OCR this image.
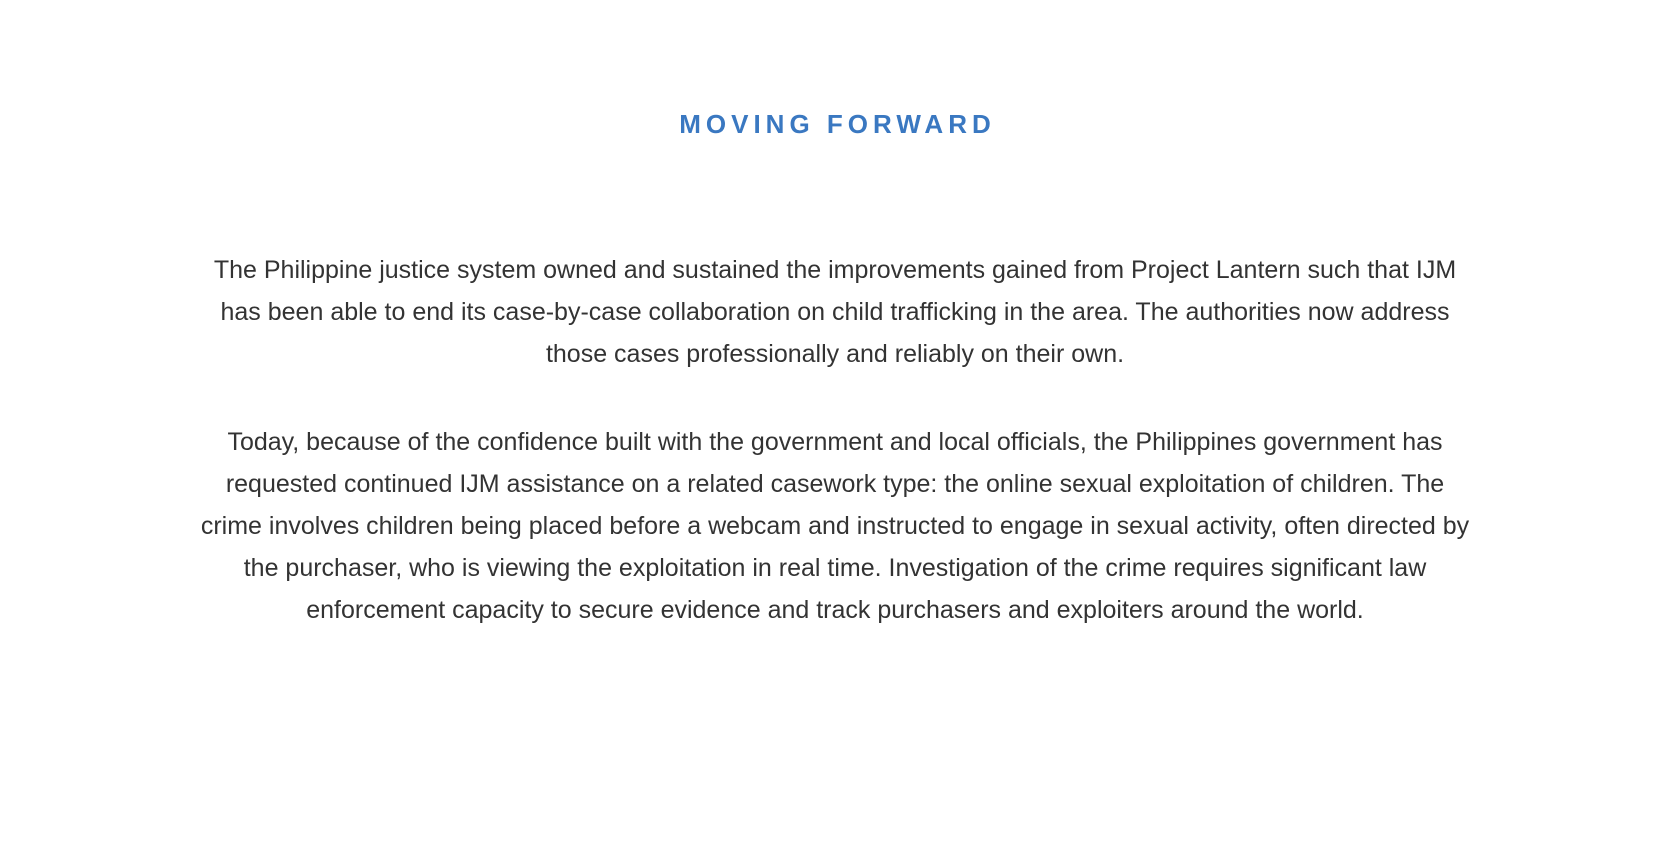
MOVING FORWARD

The Philippine justice system owned and sustained the improvements gained from Project Lantern such that IJM has been able to end its case-by-case collaboration on child trafficking in the area. The authorities now address those cases professionally and reliably on their own.

Today, because of the confidence built with the government and local officials, the Philippines government has requested continued IJM assistance on a related casework type: the online sexual exploitation of children. The crime involves children being placed before a webcam and instructed to engage in sexual activity, often directed by the purchaser, who is viewing the exploitation in real time. Investigation of the crime requires significant law enforcement capacity to secure evidence and track purchasers and exploiters around the world.
